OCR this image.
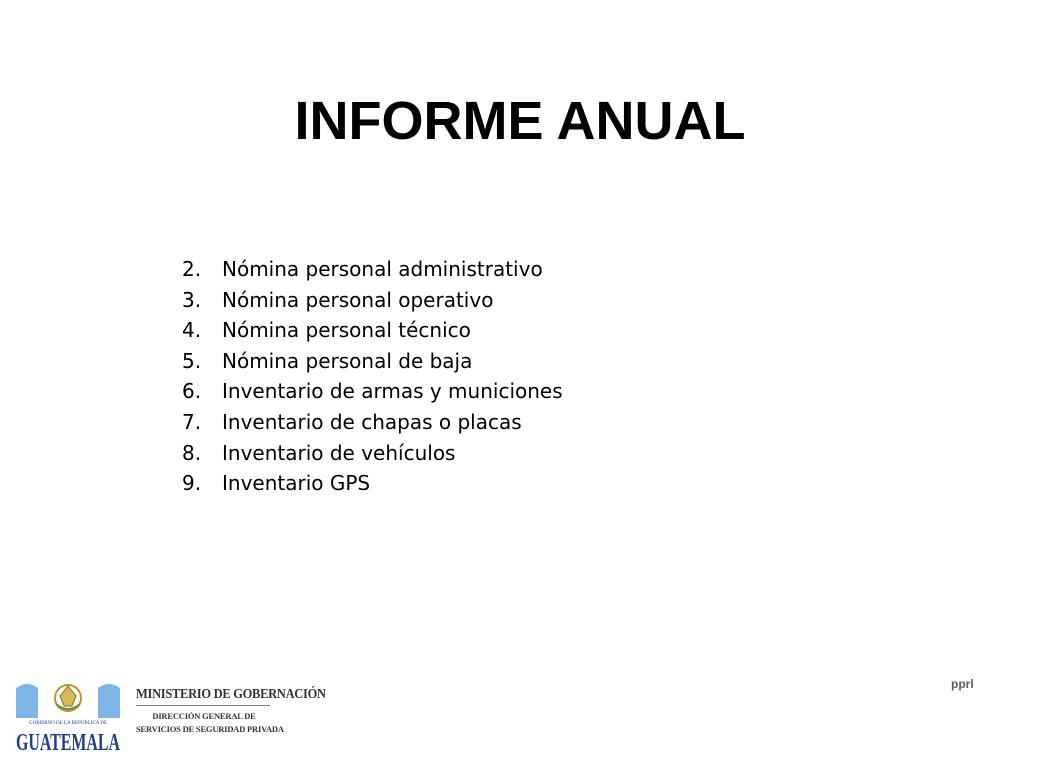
INFORME ANUAL
2.	Nómina personal administrativo
3.	Nómina personal operativo
4.	Nómina personal técnico
5.	Nómina personal de baja
6.	Inventario de armas y municiones
7.	Inventario de chapas o placas
8.	Inventario de vehículos
9.	Inventario GPS
GOBIERNO DE LA REPÚBLICA DE
GUATEMALA
MINISTERIO DE GOBERNACIÓN
DIRECCIÓN GENERAL DE
SERVICIOS DE SEGURIDAD PRIVADA
pprl
